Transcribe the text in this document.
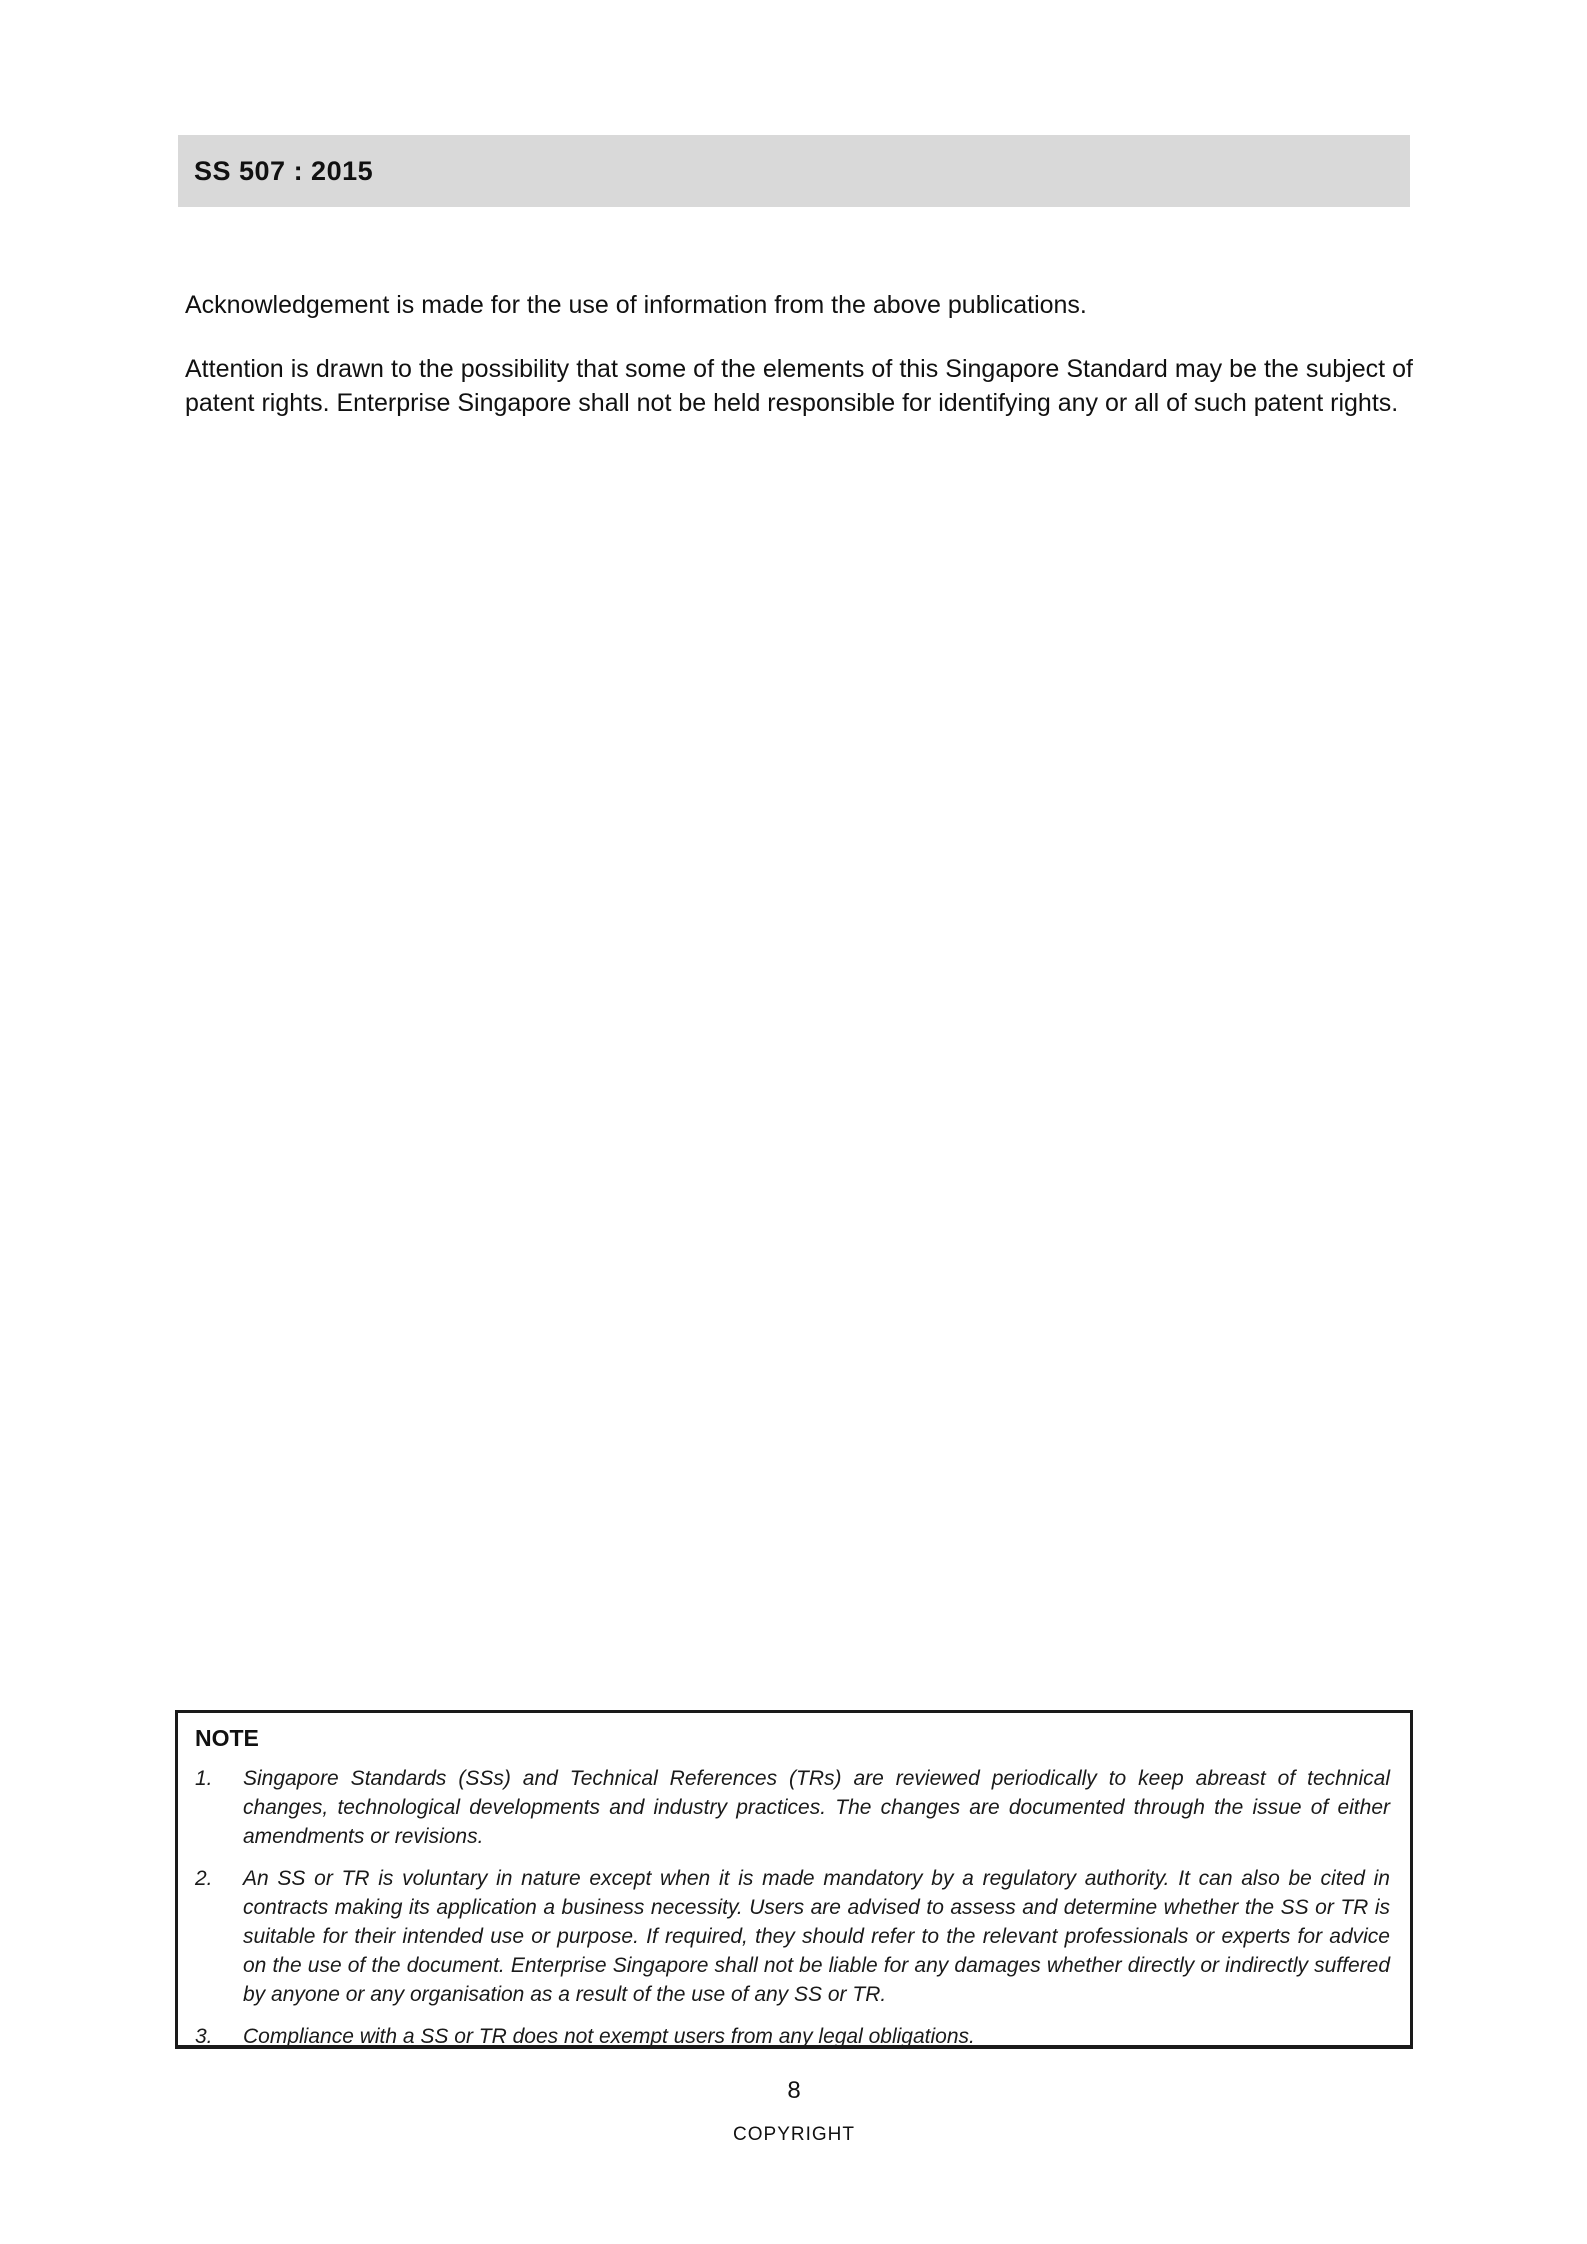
SS 507 : 2015

Acknowledgement is made for the use of information from the above publications.

Attention is drawn to the possibility that some of the elements of this Singapore Standard may be the subject of patent rights. Enterprise Singapore shall not be held responsible for identifying any or all of such patent rights.

NOTE
1.	Singapore Standards (SSs) and Technical References (TRs) are reviewed periodically to keep abreast of technical changes, technological developments and industry practices. The changes are documented through the issue of either amendments or revisions.
2.	An SS or TR is voluntary in nature except when it is made mandatory by a regulatory authority. It can also be cited in contracts making its application a business necessity. Users are advised to assess and determine whether the SS or TR is suitable for their intended use or purpose. If required, they should refer to the relevant professionals or experts for advice on the use of the document. Enterprise Singapore shall not be liable for any damages whether directly or indirectly suffered by anyone or any organisation as a result of the use of any SS or TR.
3.	Compliance with a SS or TR does not exempt users from any legal obligations.
8
COPYRIGHT
